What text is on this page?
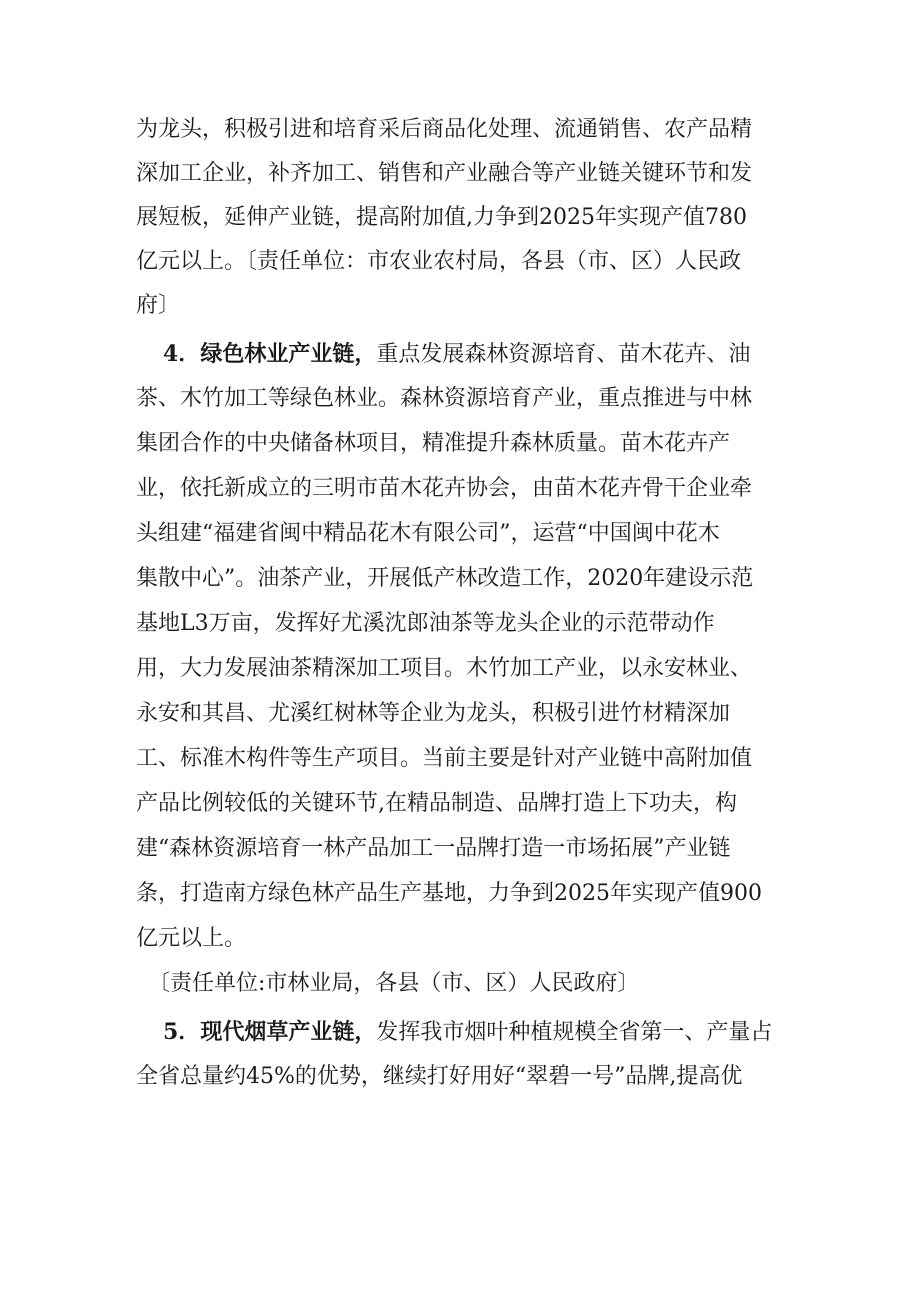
为龙头，积极引进和培育采后商品化处理、流通销售、农产品精
深加工企业，补齐加工、销售和产业融合等产业链关键环节和发
展短板，延伸产业链，提高附加值,力争到2025年实现产值780
亿元以上。〔责任单位：市农业农村局，各县（市、区）人民政
府〕
4．绿色林业产业链，重点发展森林资源培育、苗木花卉、油
茶、木竹加工等绿色林业。森林资源培育产业，重点推进与中林
集团合作的中央储备林项目，精准提升森林质量。苗木花卉产
业，依托新成立的三明市苗木花卉协会，由苗木花卉骨干企业牵
头组建“福建省闽中精品花木有限公司”，运营“中国闽中花木
集散中心”。油茶产业，开展低产林改造工作，2020年建设示范
基地L3万亩，发挥好尤溪沈郎油茶等龙头企业的示范带动作
用，大力发展油茶精深加工项目。木竹加工产业，以永安林业、
永安和其昌、尤溪红树林等企业为龙头，积极引进竹材精深加
工、标准木构件等生产项目。当前主要是针对产业链中高附加值
产品比例较低的关键环节,在精品制造、品牌打造上下功夫，构
建“森林资源培育一林产品加工一品牌打造一市场拓展”产业链
条，打造南方绿色林产品生产基地，力争到2025年实现产值900
亿元以上。
〔责任单位:市林业局，各县（市、区）人民政府〕
5．现代烟草产业链，发挥我市烟叶种植规模全省第一、产量占
全省总量约45%的优势，继续打好用好“翠碧一号”品牌,提高优
